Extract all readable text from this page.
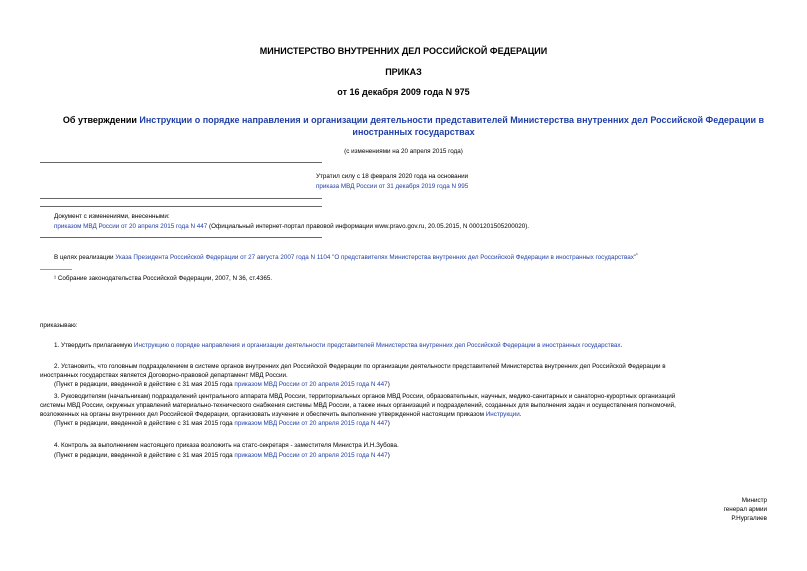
МИНИСТЕРСТВО ВНУТРЕННИХ ДЕЛ РОССИЙСКОЙ ФЕДЕРАЦИИ
ПРИКАЗ
от 16 декабря 2009 года N 975
Об утверждении Инструкции о порядке направления и организации деятельности представителей Министерства внутренних дел Российской Федерации в
иностранных государствах
(с изменениями на 20 апреля 2015 года)
Утратил силу с 18 февраля 2020 года на основании
приказа МВД России от 31 декабря 2019 года N 995
Документ с изменениями, внесенными:
приказом МВД России от 20 апреля 2015 года N 447 (Официальный интернет-портал правовой информации www.pravo.gov.ru, 20.05.2015, N 0001201505200020).
В целях реализации Указа Президента Российской Федерации от 27 августа 2007 года N 1104 "О представителях Министерства внутренних дел Российской Федерации в иностранных государствах"$^{^1}$
¹ Собрание законодательства Российской Федерации, 2007, N 36, ст.4365.
приказываю:
1. Утвердить прилагаемую Инструкцию о порядке направления и организации деятельности представителей Министерства внутренних дел Российской Федерации в иностранных государствах.
2. Установить, что головным подразделением в системе органов внутренних дел Российской Федерации по организации деятельности представителей Министерства внутренних дел Российской Федерации в
иностранных государствах является Договорно-правовой департамент МВД России.
(Пункт в редакции, введенной в действие с 31 мая 2015 года приказом МВД России от 20 апреля 2015 года N 447)
3. Руководителям (начальникам) подразделений центрального аппарата МВД России, территориальных органов МВД России, образовательных, научных, медико-санитарных и санаторно-курортных организаций
системы МВД России, окружных управлений материально-технического снабжения системы МВД России, а также иных организаций и подразделений, созданных для выполнения задач и осуществления полномочий,
возложенных на органы внутренних дел Российской Федерации, организовать изучение и обеспечить выполнение утвержденной настоящим приказом Инструкции.
(Пункт в редакции, введенной в действие с 31 мая 2015 года приказом МВД России от 20 апреля 2015 года N 447)
4. Контроль за выполнением настоящего приказа возложить на статс-секретаря - заместителя Министра И.Н.Зубова.
(Пункт в редакции, введенной в действие с 31 мая 2015 года приказом МВД России от 20 апреля 2015 года N 447)
Министр
генерал армии
Р.Нургалиев
